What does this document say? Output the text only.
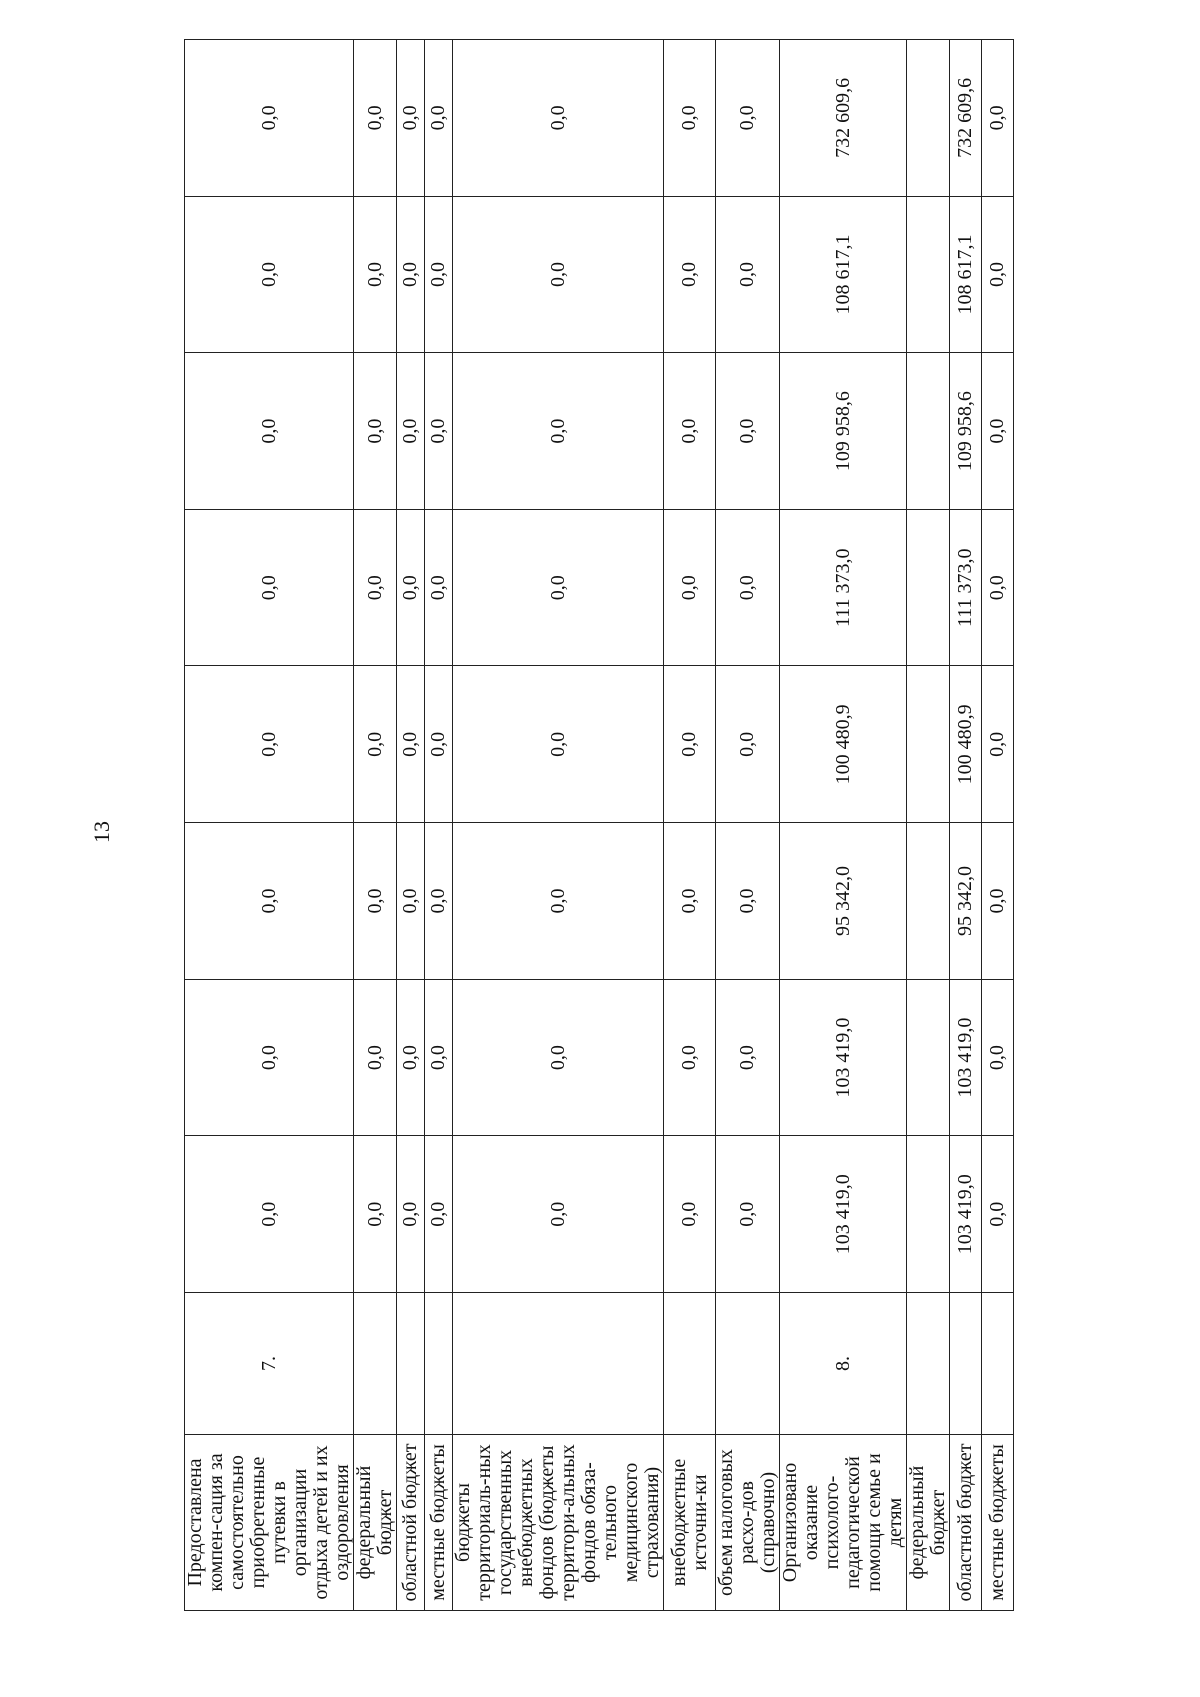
13
Предоставлена компен-сация за самостоятельно приобретенные путевки в организации отдыха детей и их оздоровления	7.	0,0	0,0	0,0	0,0	0,0	0,0	0,0	0,0
федеральный бюджет		0,0	0,0	0,0	0,0	0,0	0,0	0,0	0,0
областной бюджет		0,0	0,0	0,0	0,0	0,0	0,0	0,0	0,0
местные бюджеты		0,0	0,0	0,0	0,0	0,0	0,0	0,0	0,0
бюджеты территориаль-ных государственных внебюджетных фондов (бюджеты территори-альных фондов обяза-тельного медицинского страхования)		0,0	0,0	0,0	0,0	0,0	0,0	0,0	0,0
внебюджетные источни-ки		0,0	0,0	0,0	0,0	0,0	0,0	0,0	0,0
объем налоговых расхо-дов (справочно)		0,0	0,0	0,0	0,0	0,0	0,0	0,0	0,0
Организовано оказание психолого-педагогической помощи семье и детям	8.	103 419,0	103 419,0	95 342,0	100 480,9	111 373,0	109 958,6	108 617,1	732 609,6
федеральный бюджет									
областной бюджет		103 419,0	103 419,0	95 342,0	100 480,9	111 373,0	109 958,6	108 617,1	732 609,6
местные бюджеты		0,0	0,0	0,0	0,0	0,0	0,0	0,0	0,0
